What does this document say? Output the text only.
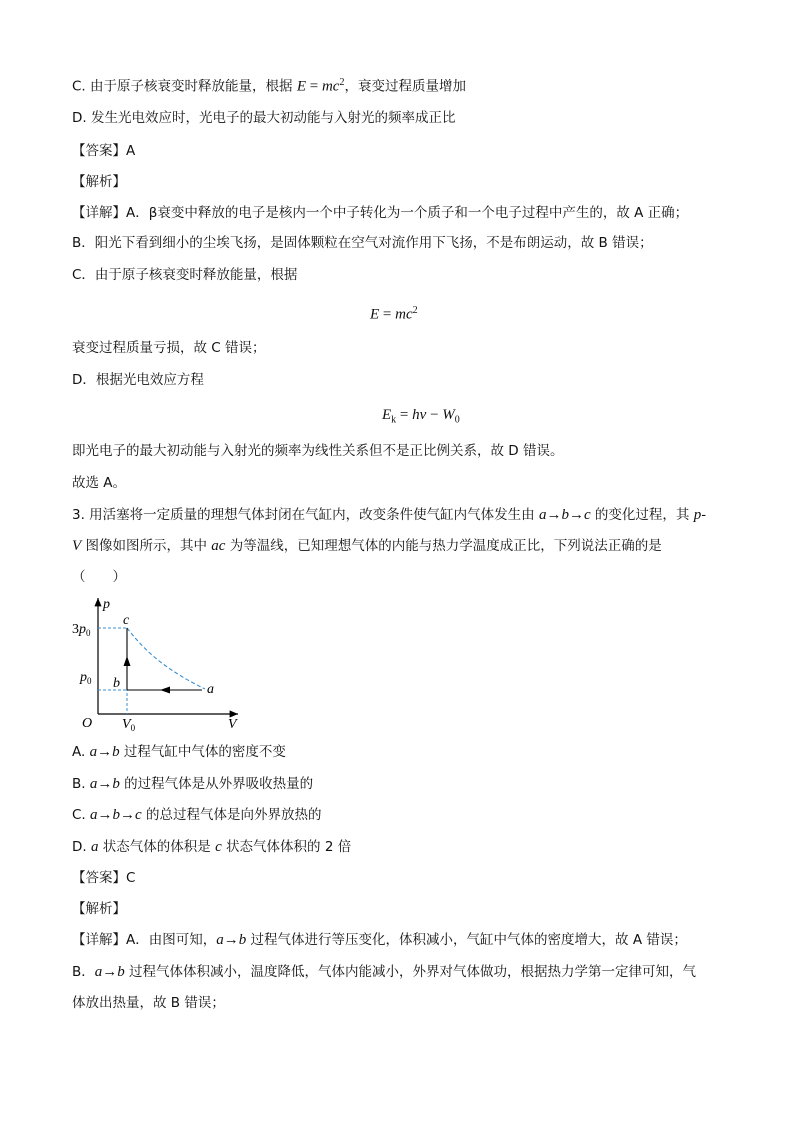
C. 由于原子核衰变时释放能量，根据 $E = mc^2$，衰变过程质量增加
D. 发生光电效应时，光电子的最大初动能与入射光的频率成正比
【答案】A
【解析】
【详解】A．β衰变中释放的电子是核内一个中子转化为一个质子和一个电子过程中产生的，故 A 正确；
B．阳光下看到细小的尘埃飞扬，是固体颗粒在空气对流作用下飞扬，不是布朗运动，故 B 错误；
C．由于原子核衰变时释放能量，根据
$E = mc^2$
衰变过程质量亏损，故 C 错误；
D．根据光电效应方程
$E_k = h\nu - W_0$
即光电子的最大初动能与入射光的频率为线性关系但不是正比例关系，故 D 错误。
故选 A。
3. 用活塞将一定质量的理想气体封闭在气缸内，改变条件使气缸内气体发生由 a→b→c 的变化过程，其 p-
V 图像如图所示，其中 ac 为等温线，已知理想气体的内能与热力学温度成正比，下列说法正确的是
（　　）
p
V
O
$3p_0$
$p_0$
$V_0$
a
b
c
A. a→b 过程气缸中气体的密度不变
B. a→b 的过程气体是从外界吸收热量的
C. a→b→c 的总过程气体是向外界放热的
D. a 状态气体的体积是 c 状态气体体积的 2 倍
【答案】C
【解析】
【详解】A．由图可知，a→b 过程气体进行等压变化，体积减小，气缸中气体的密度增大，故 A 错误；
B．a→b 过程气体体积减小，温度降低，气体内能减小，外界对气体做功，根据热力学第一定律可知，气
体放出热量，故 B 错误；
